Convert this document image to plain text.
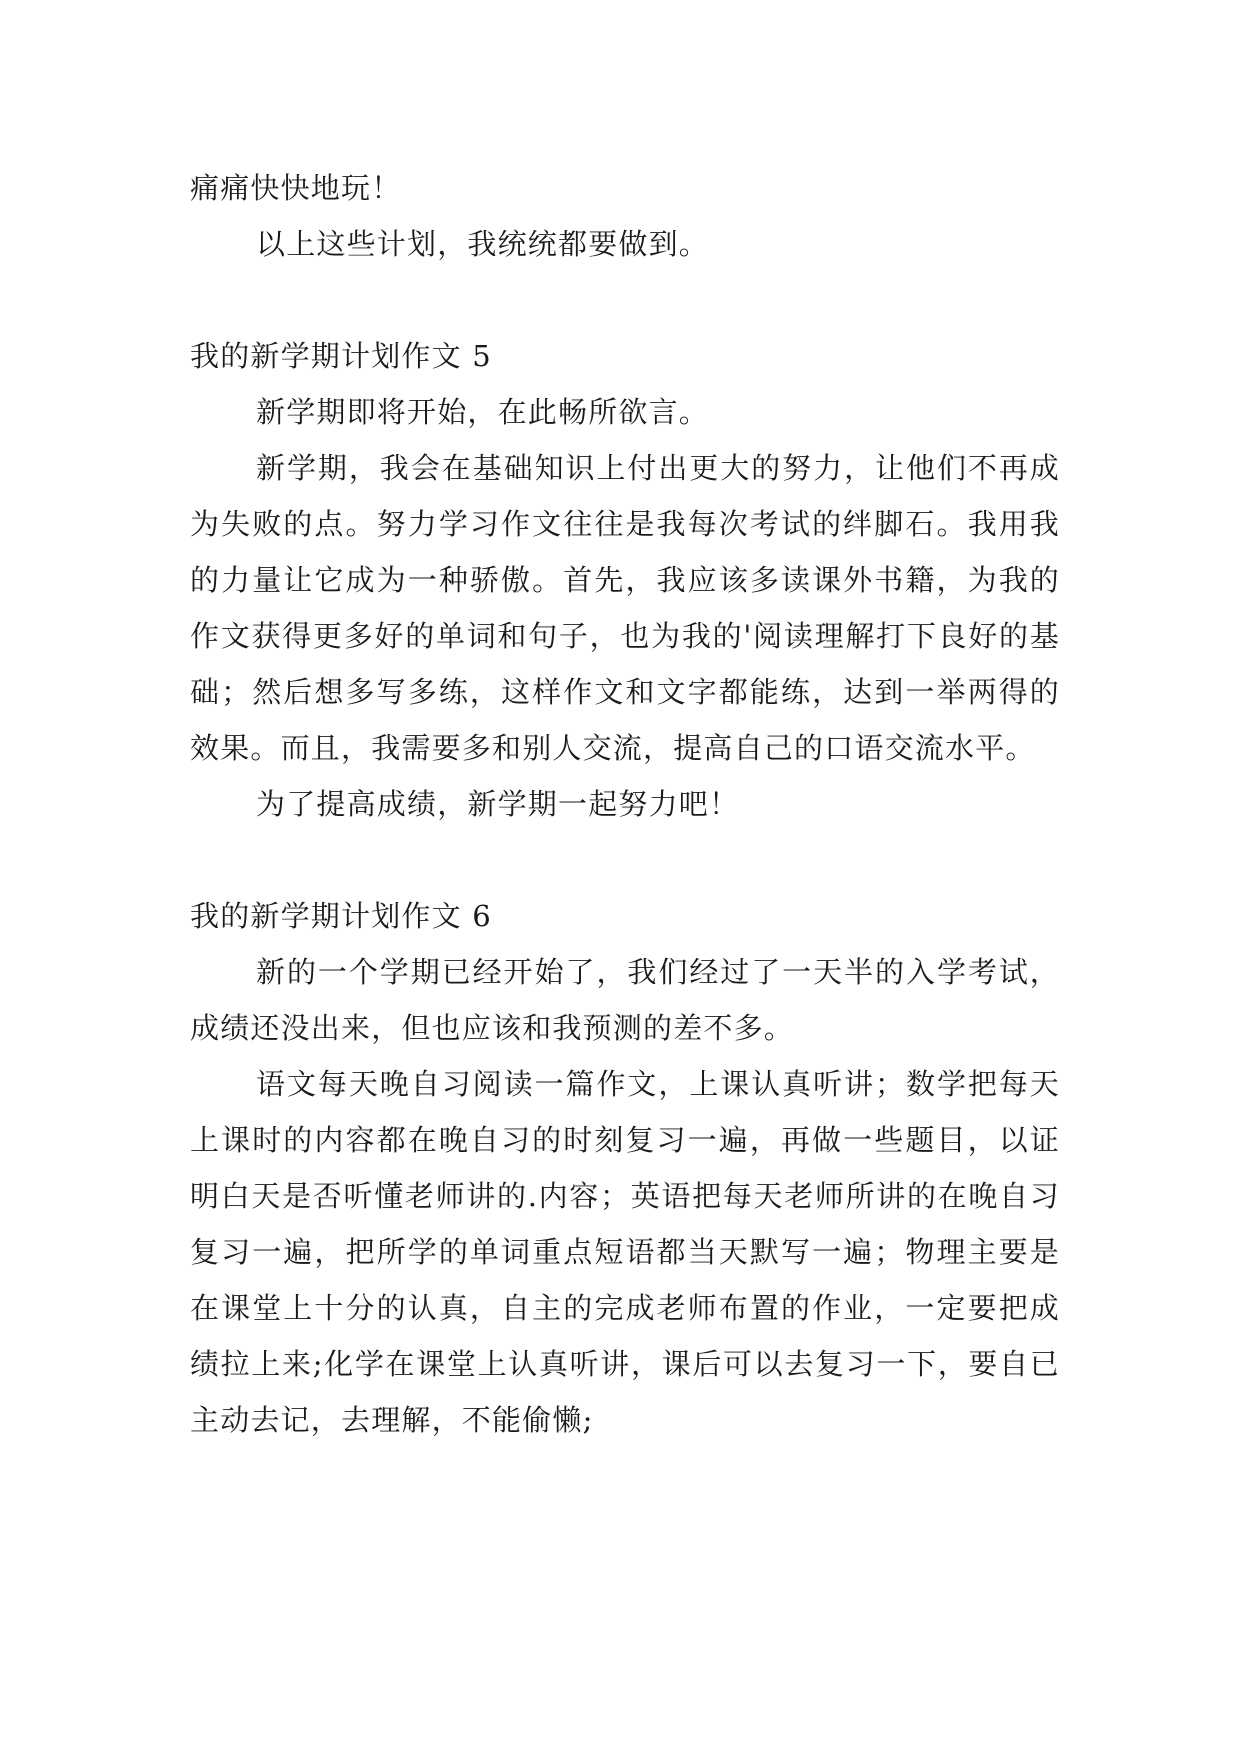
痛痛快快地玩！

以上这些计划，我统统都要做到。

我的新学期计划作文 5

新学期即将开始，在此畅所欲言。

新学期，我会在基础知识上付出更大的努力，让他们不再成为失败的点。努力学习作文往往是我每次考试的绊脚石。我用我的力量让它成为一种骄傲。首先，我应该多读课外书籍，为我的作文获得更多好的单词和句子，也为我的'阅读理解打下良好的基础；然后想多写多练，这样作文和文字都能练，达到一举两得的效果。而且，我需要多和别人交流，提高自己的口语交流水平。

为了提高成绩，新学期一起努力吧！

我的新学期计划作文 6

新的一个学期已经开始了，我们经过了一天半的入学考试，成绩还没出来，但也应该和我预测的差不多。

语文每天晚自习阅读一篇作文，上课认真听讲；数学把每天上课时的内容都在晚自习的时刻复习一遍，再做一些题目，以证明白天是否听懂老师讲的.内容；英语把每天老师所讲的在晚自习复习一遍，把所学的单词重点短语都当天默写一遍；物理主要是在课堂上十分的认真，自主的完成老师布置的作业，一定要把成绩拉上来;化学在课堂上认真听讲，课后可以去复习一下，要自已主动去记，去理解，不能偷懒;
